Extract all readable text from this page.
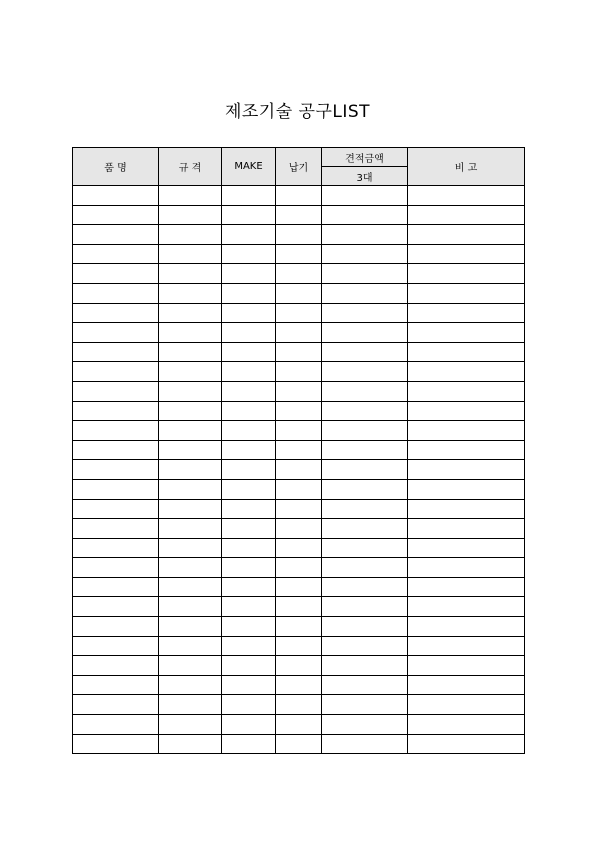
제조기술 공구LIST
품 명	규 격	MAKE	납기	견적금액	비 고
				3대	
